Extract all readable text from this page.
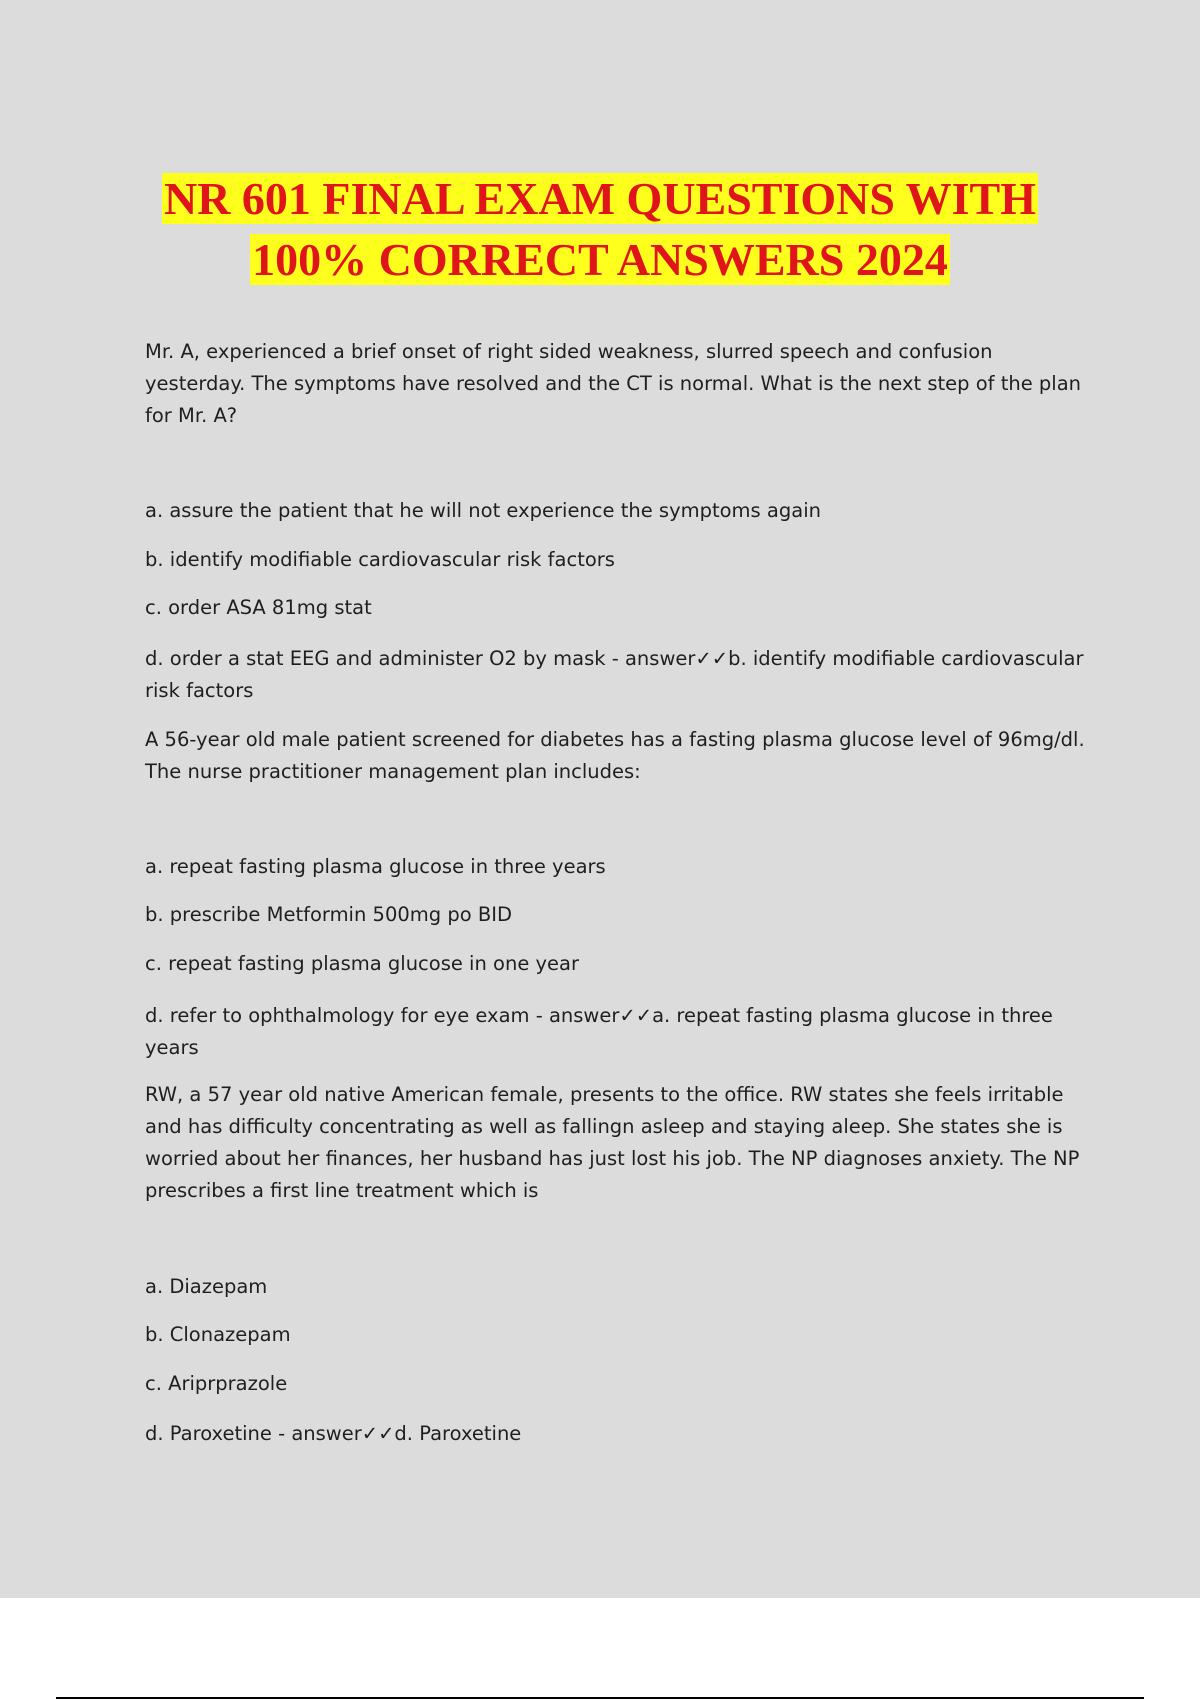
NR 601 FINAL EXAM QUESTIONS WITH
100% CORRECT ANSWERS 2024

Mr. A, experienced a brief onset of right sided weakness, slurred speech and confusion yesterday. The symptoms have resolved and the CT is normal. What is the next step of the plan for Mr. A?

a. assure the patient that he will not experience the symptoms again

b. identify modifiable cardiovascular risk factors

c. order ASA 81mg stat

d. order a stat EEG and administer O2 by mask - answer✓✓b. identify modifiable cardiovascular risk factors

A 56-year old male patient screened for diabetes has a fasting plasma glucose level of 96mg/dl. The nurse practitioner management plan includes:

a. repeat fasting plasma glucose in three years

b. prescribe Metformin 500mg po BID

c. repeat fasting plasma glucose in one year

d. refer to ophthalmology for eye exam - answer✓✓a. repeat fasting plasma glucose in three years

RW, a 57 year old native American female, presents to the office. RW states she feels irritable and has difficulty concentrating as well as fallingn asleep and staying aleep. She states she is worried about her finances, her husband has just lost his job. The NP diagnoses anxiety. The NP prescribes a first line treatment which is

a. Diazepam

b. Clonazepam

c. Ariprprazole

d. Paroxetine - answer✓✓d. Paroxetine
